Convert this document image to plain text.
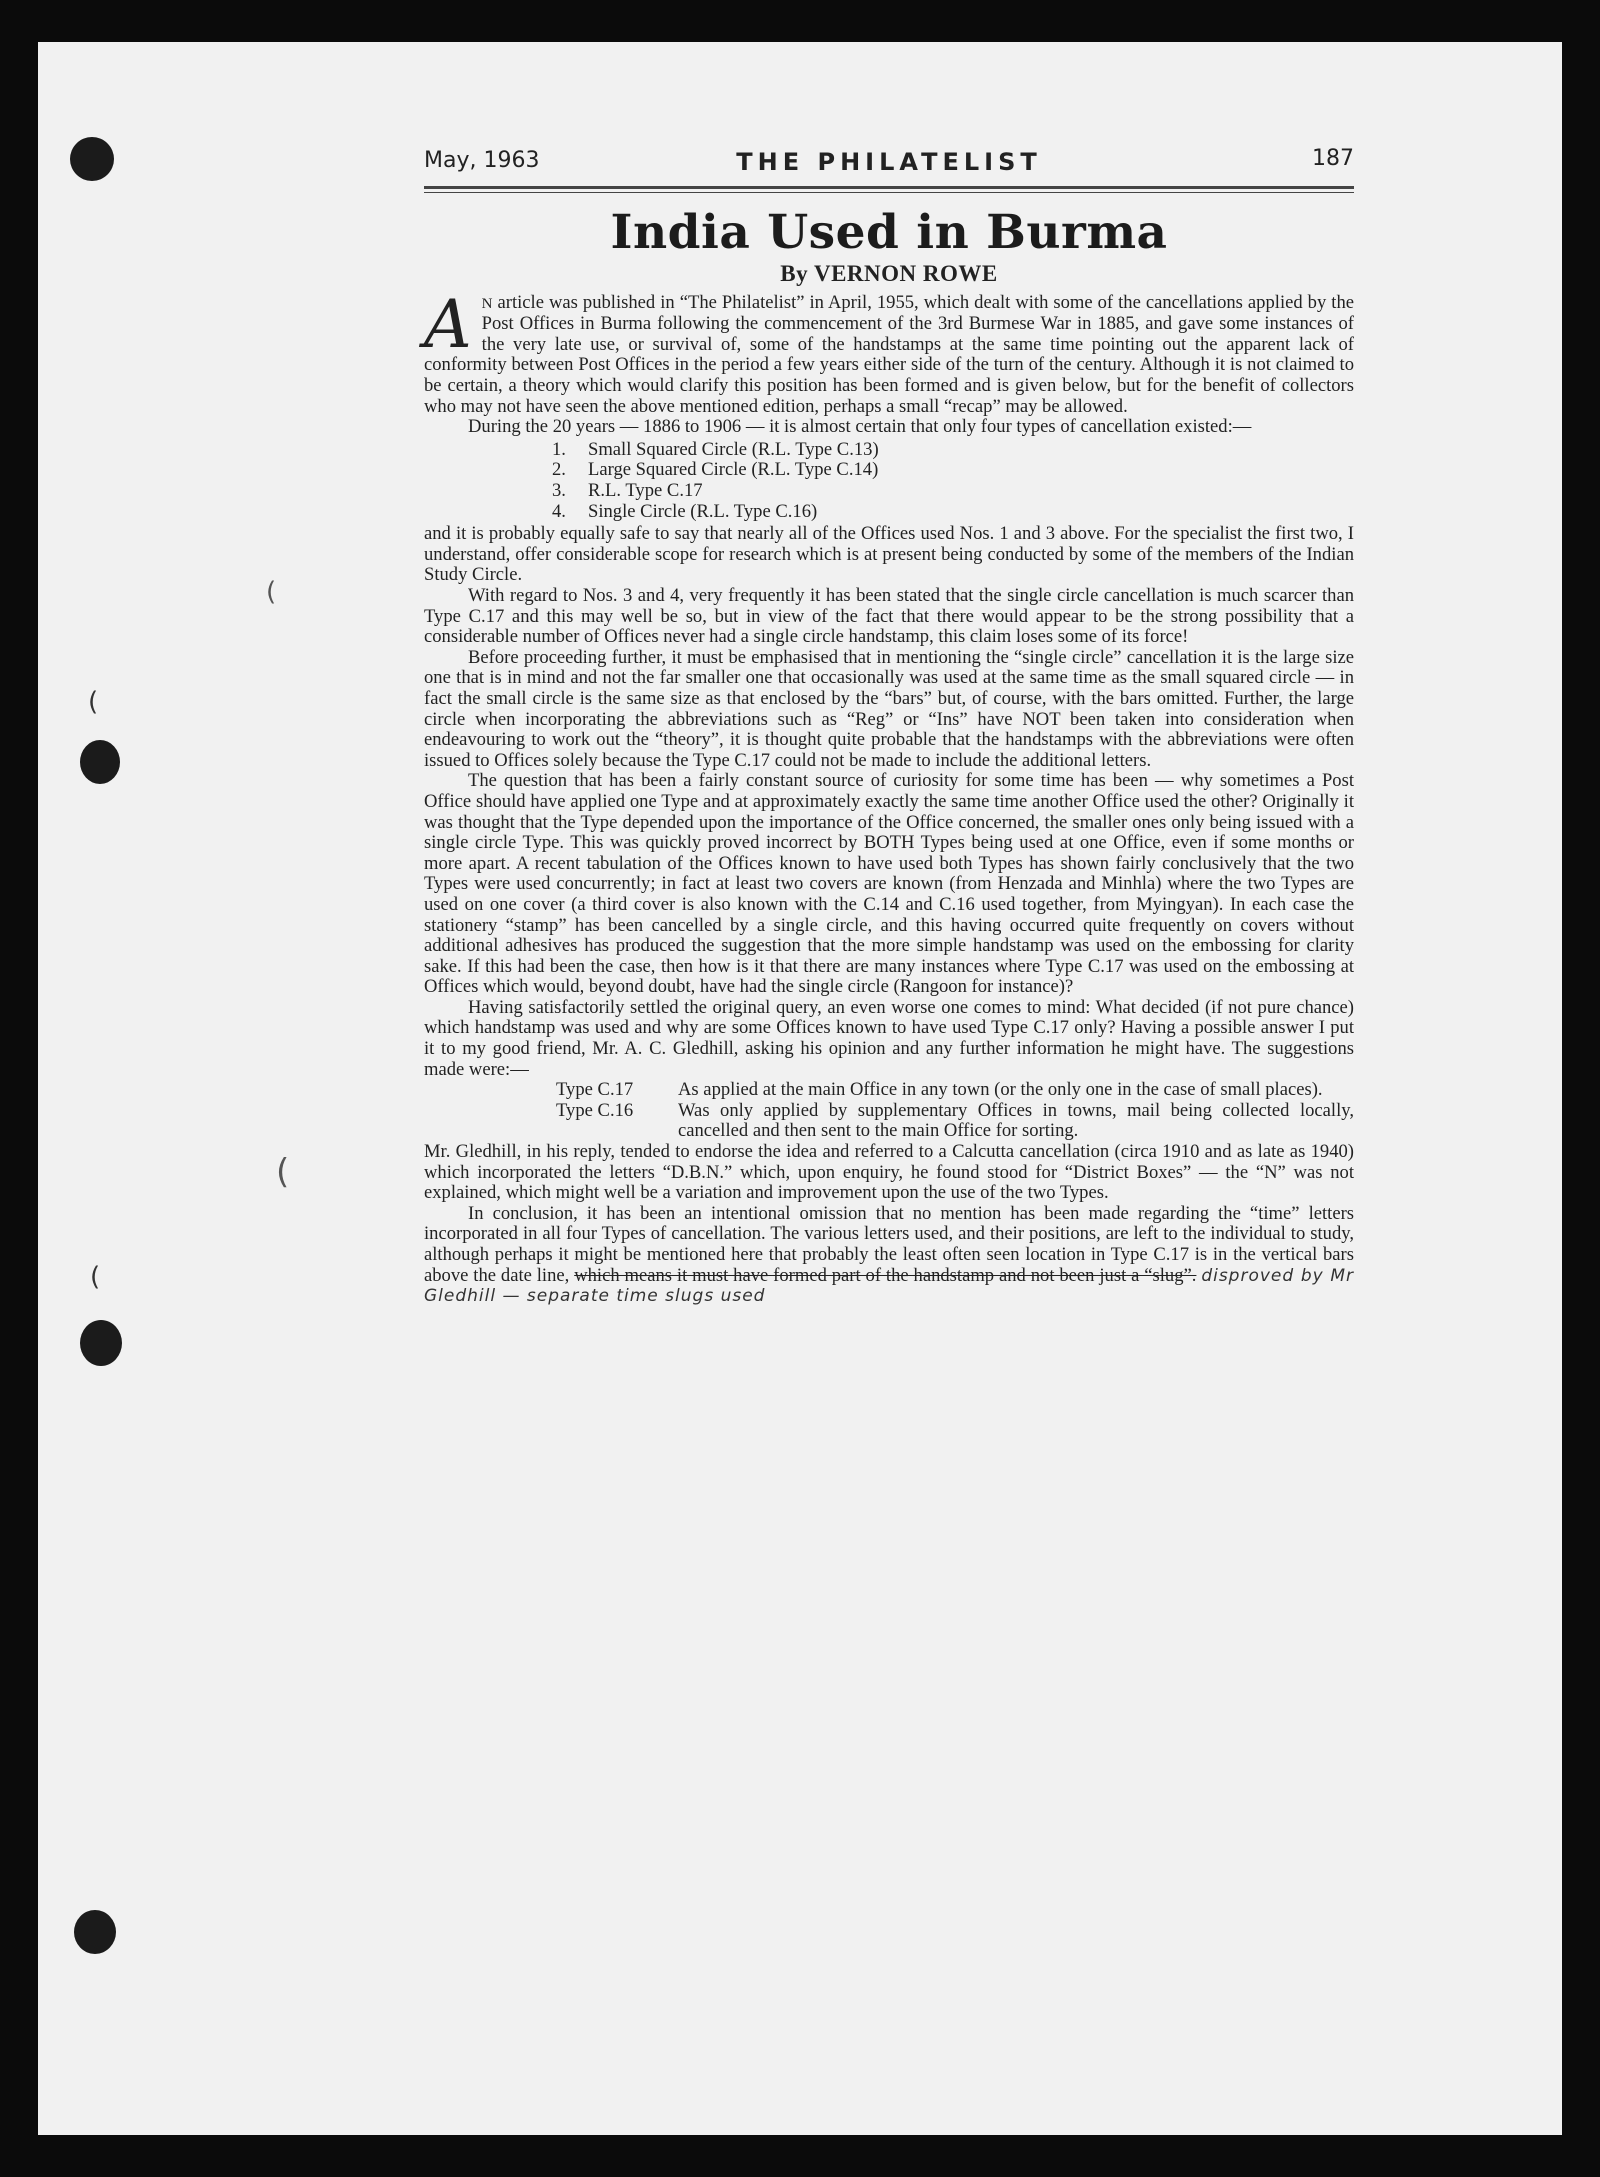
(
(
(
(
May, 1963	THE PHILATELIST	187
India Used in Burma
By VERNON ROWE

A N article was published in “The Philatelist” in April, 1955, which dealt with some of the cancellations applied by the Post Offices in Burma following the commencement of the 3rd Burmese War in 1885, and gave some instances of the very late use, or survival of, some of the handstamps at the same time pointing out the apparent lack of conformity between Post Offices in the period a few years either side of the turn of the century. Although it is not claimed to be certain, a theory which would clarify this position has been formed and is given below, but for the benefit of collectors who may not have seen the above mentioned edition, perhaps a small “recap” may be allowed.

During the 20 years — 1886 to 1906 — it is almost certain that only four types of cancellation existed:—

1. Small Squared Circle (R.L. Type C.13)
2. Large Squared Circle (R.L. Type C.14)
3. R.L. Type C.17
4. Single Circle (R.L. Type C.16)

and it is probably equally safe to say that nearly all of the Offices used Nos. 1 and 3 above. For the specialist the first two, I understand, offer considerable scope for research which is at present being conducted by some of the members of the Indian Study Circle.

With regard to Nos. 3 and 4, very frequently it has been stated that the single circle cancellation is much scarcer than Type C.17 and this may well be so, but in view of the fact that there would appear to be the strong possibility that a considerable number of Offices never had a single circle handstamp, this claim loses some of its force!

Before proceeding further, it must be emphasised that in mentioning the “single circle” cancellation it is the large size one that is in mind and not the far smaller one that occasionally was used at the same time as the small squared circle — in fact the small circle is the same size as that enclosed by the “bars” but, of course, with the bars omitted. Further, the large circle when incorporating the abbreviations such as “Reg” or “Ins” have NOT been taken into consideration when endeavouring to work out the “theory”, it is thought quite probable that the handstamps with the abbreviations were often issued to Offices solely because the Type C.17 could not be made to include the additional letters.

The question that has been a fairly constant source of curiosity for some time has been — why sometimes a Post Office should have applied one Type and at approximately exactly the same time another Office used the other? Originally it was thought that the Type depended upon the importance of the Office concerned, the smaller ones only being issued with a single circle Type. This was quickly proved incorrect by BOTH Types being used at one Office, even if some months or more apart. A recent tabulation of the Offices known to have used both Types has shown fairly conclusively that the two Types were used concurrently; in fact at least two covers are known (from Henzada and Minhla) where the two Types are used on one cover (a third cover is also known with the C.14 and C.16 used together, from Myingyan). In each case the stationery “stamp” has been cancelled by a single circle, and this having occurred quite frequently on covers without additional adhesives has produced the suggestion that the more simple handstamp was used on the embossing for clarity sake. If this had been the case, then how is it that there are many instances where Type C.17 was used on the embossing at Offices which would, beyond doubt, have had the single circle (Rangoon for instance)?

Having satisfactorily settled the original query, an even worse one comes to mind: What decided (if not pure chance) which handstamp was used and why are some Offices known to have used Type C.17 only? Having a possible answer I put it to my good friend, Mr. A. C. Gledhill, asking his opinion and any further information he might have. The suggestions made were:—

Type C.17	As applied at the main Office in any town (or the only one in the case of small places).
Type C.16	Was only applied by supplementary Offices in towns, mail being collected locally, cancelled and then sent to the main Office for sorting.

Mr. Gledhill, in his reply, tended to endorse the idea and referred to a Calcutta cancellation (circa 1910 and as late as 1940) which incorporated the letters “D.B.N.” which, upon enquiry, he found stood for “District Boxes” — the “N” was not explained, which might well be a variation and improvement upon the use of the two Types.

In conclusion, it has been an intentional omission that no mention has been made regarding the “time” letters incorporated in all four Types of cancellation. The various letters used, and their positions, are left to the individual to study, although perhaps it might be mentioned here that probably the least often seen location in Type C.17 is in the vertical bars above the date line, which means it must have formed part of the handstamp and not been just a “slug”. disproved by Mr Gledhill — separate time slugs used
